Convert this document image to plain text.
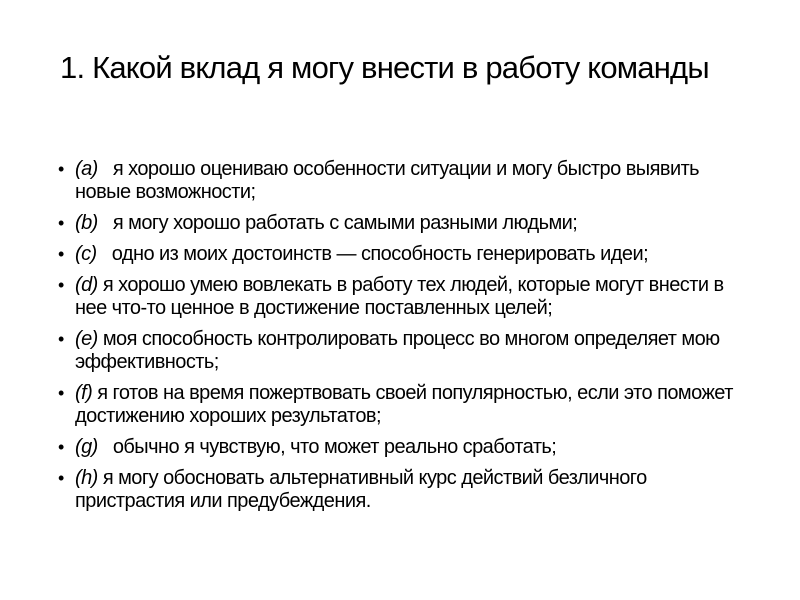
1. Какой вклад я могу внести в работу команды
• (a) я хорошо оцениваю особенности ситуации и могу быстро выявить новые возможности;
• (b) я могу хорошо работать с самыми разными людьми;
• (c) одно из моих достоинств — способность генерировать идеи;
• (d) я хорошо умею вовлекать в работу тех людей, которые могут внести в нее что-то ценное в достижение поставленных целей;
• (e) моя способность контролировать процесс во многом определяет мою эффективность;
• (f) я готов на время пожертвовать своей популярностью, если это поможет достижению хороших результатов;
• (g) обычно я чувствую, что может реально сработать;
• (h) я могу обосновать альтернативный курс действий безличного пристрастия или предубеждения.
